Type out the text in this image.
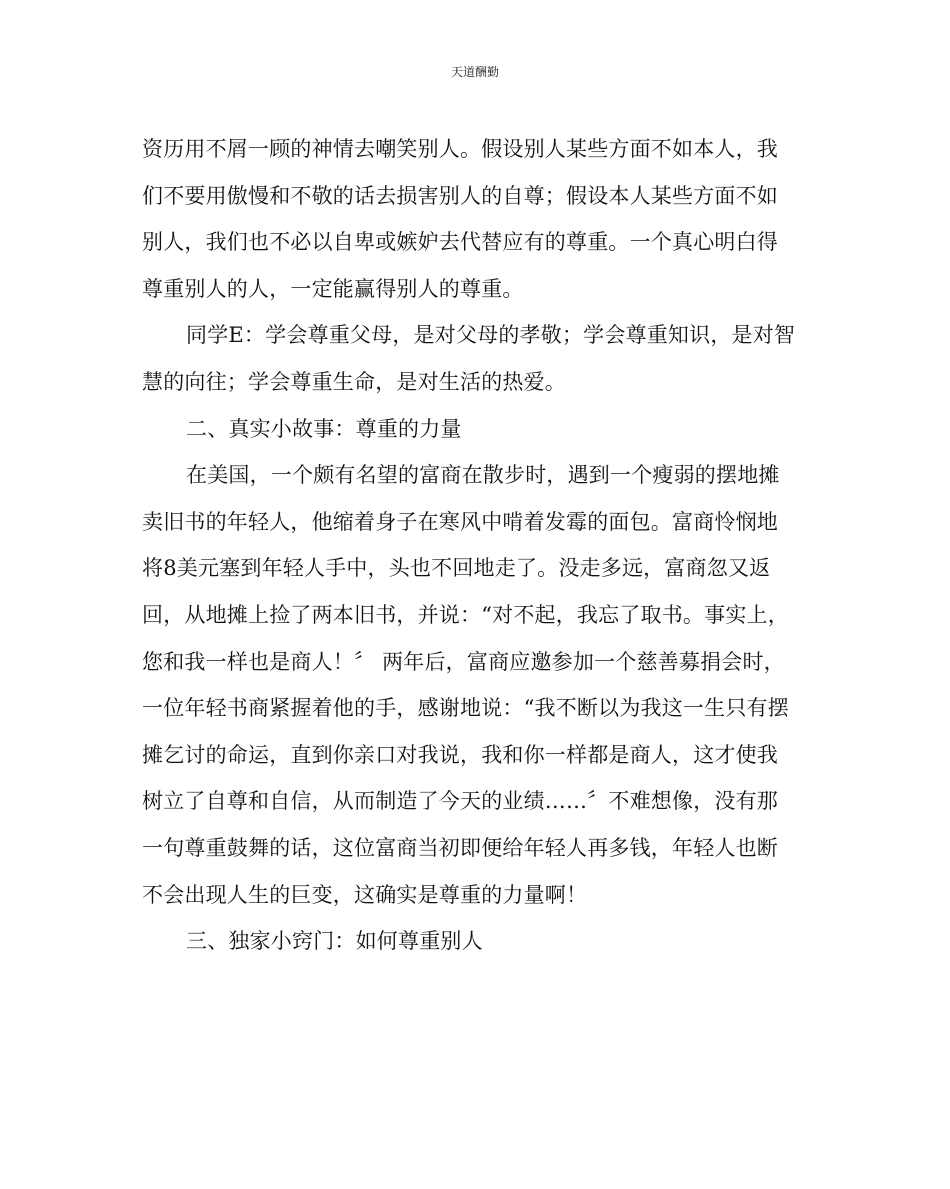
天道酬勤
资历用不屑一顾的神情去嘲笑别人。假设别人某些方面不如本人，我
们不要用傲慢和不敬的话去损害别人的自尊；假设本人某些方面不如
别人，我们也不必以自卑或嫉妒去代替应有的尊重。一个真心明白得
尊重别人的人，一定能赢得别人的尊重。
同学E：学会尊重父母，是对父母的孝敬；学会尊重知识，是对智
慧的向往；学会尊重生命，是对生活的热爱。
二、真实小故事：尊重的力量
在美国，一个颇有名望的富商在散步时，遇到一个瘦弱的摆地摊
卖旧书的年轻人，他缩着身子在寒风中啃着发霉的面包。富商怜悯地
将8美元塞到年轻人手中，头也不回地走了。没走多远，富商忽又返
回，从地摊上捡了两本旧书，并说：“对不起，我忘了取书。事实上，
您和我一样也是商人！〞 两年后，富商应邀参加一个慈善募捐会时，
一位年轻书商紧握着他的手，感谢地说：“我不断以为我这一生只有摆
摊乞讨的命运，直到你亲口对我说，我和你一样都是商人，这才使我
树立了自尊和自信，从而制造了今天的业绩……〞不难想像，没有那
一句尊重鼓舞的话，这位富商当初即便给年轻人再多钱，年轻人也断
不会出现人生的巨变，这确实是尊重的力量啊！
三、独家小窍门：如何尊重别人
